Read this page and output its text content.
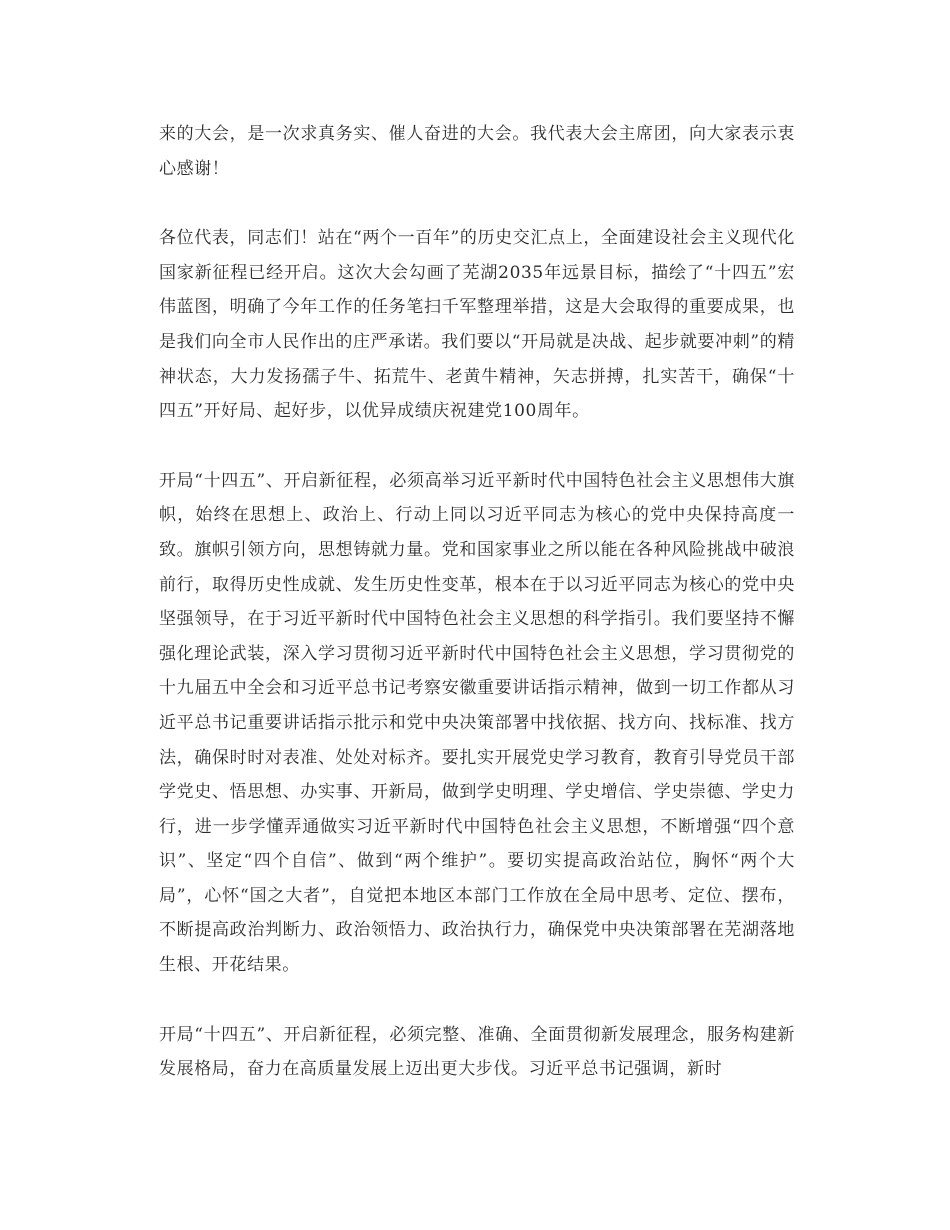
来的大会，是一次求真务实、催人奋进的大会。我代表大会主席团，向大家表示衷心感谢！

各位代表，同志们！站在“两个一百年”的历史交汇点上，全面建设社会主义现代化国家新征程已经开启。这次大会勾画了芜湖2035年远景目标，描绘了“十四五”宏伟蓝图，明确了今年工作的任务笔扫千军整理举措，这是大会取得的重要成果，也是我们向全市人民作出的庄严承诺。我们要以“开局就是决战、起步就要冲刺”的精神状态，大力发扬孺子牛、拓荒牛、老黄牛精神，矢志拼搏，扎实苦干，确保“十四五”开好局、起好步，以优异成绩庆祝建党100周年。

开局“十四五”、开启新征程，必须高举习近平新时代中国特色社会主义思想伟大旗帜，始终在思想上、政治上、行动上同以习近平同志为核心的党中央保持高度一致。旗帜引领方向，思想铸就力量。党和国家事业之所以能在各种风险挑战中破浪前行，取得历史性成就、发生历史性变革，根本在于以习近平同志为核心的党中央坚强领导，在于习近平新时代中国特色社会主义思想的科学指引。我们要坚持不懈强化理论武装，深入学习贯彻习近平新时代中国特色社会主义思想，学习贯彻党的十九届五中全会和习近平总书记考察安徽重要讲话指示精神，做到一切工作都从习近平总书记重要讲话指示批示和党中央决策部署中找依据、找方向、找标准、找方法，确保时时对表准、处处对标齐。要扎实开展党史学习教育，教育引导党员干部学党史、悟思想、办实事、开新局，做到学史明理、学史增信、学史崇德、学史力行，进一步学懂弄通做实习近平新时代中国特色社会主义思想，不断增强“四个意识”、坚定“四个自信”、做到“两个维护”。要切实提高政治站位，胸怀“两个大局”，心怀“国之大者”，自觉把本地区本部门工作放在全局中思考、定位、摆布，不断提高政治判断力、政治领悟力、政治执行力，确保党中央决策部署在芜湖落地生根、开花结果。

开局“十四五”、开启新征程，必须完整、准确、全面贯彻新发展理念，服务构建新发展格局，奋力在高质量发展上迈出更大步伐。习近平总书记强调，新时
